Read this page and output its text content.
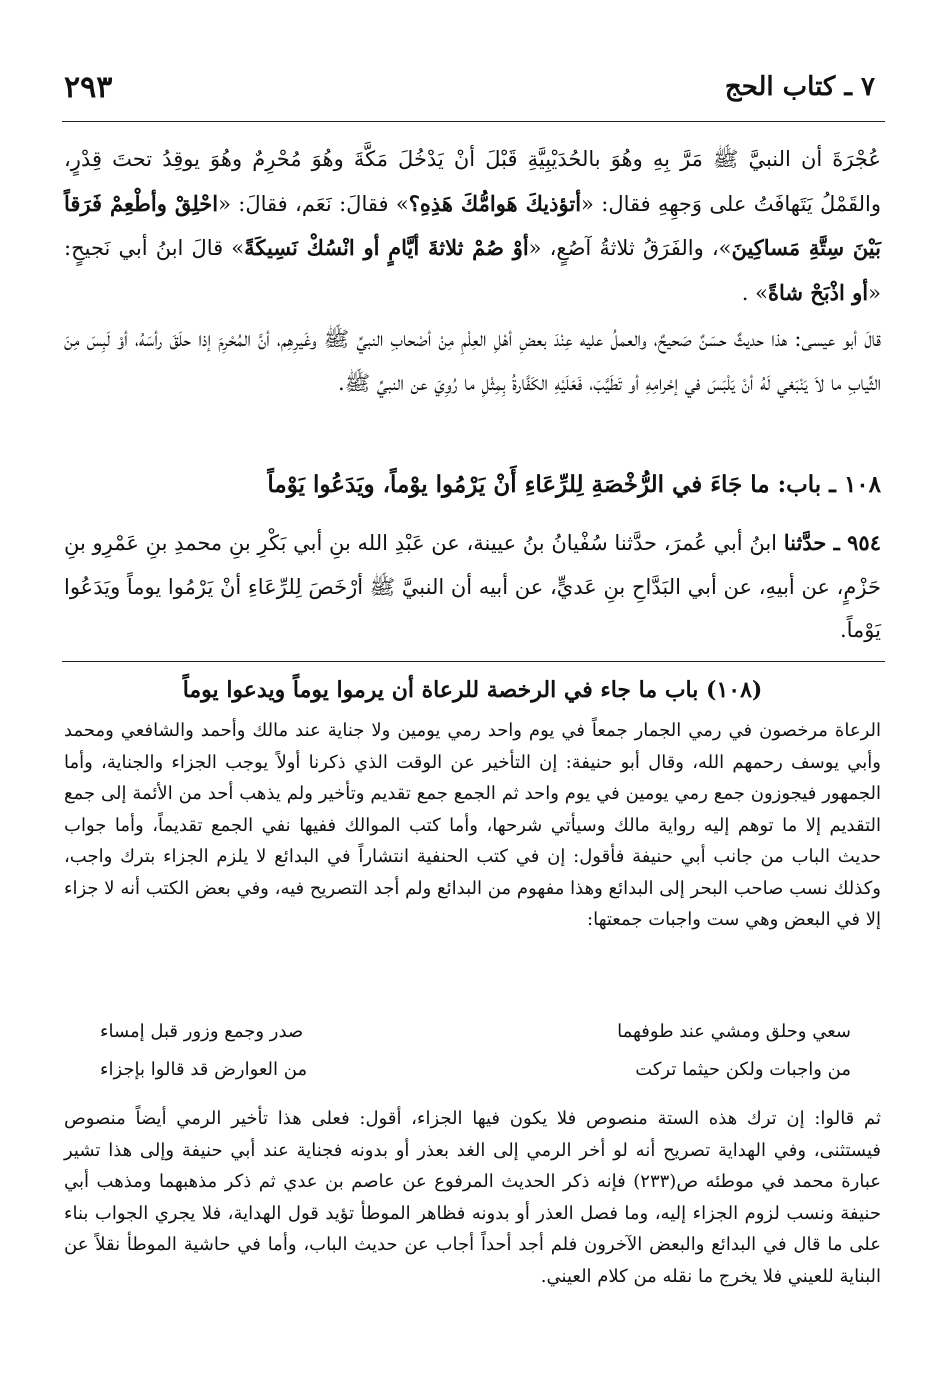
٢٩٣	٧ ـ كتاب الحج

عُجْرَةَ أن النبيَّ ﷺ مَرَّ بِهِ وهُوَ بالحُدَيْبِيَّةِ قَبْلَ أنْ يَدْخُلَ مَكَّةَ وهُوَ مُحْرِمٌ وهُوَ يوقِدُ تحتَ قِدْرٍ، والقَمْلُ يَتَهافَتُ على وَجهِهِ فقال: «أتؤذيكَ هَوامُّكَ هَذِهِ؟» فقالَ: نَعَم، فقالَ: «احْلِقْ وأطْعِمْ فَرَقاً بَيْنَ سِتَّةِ مَساكِينَ»، والفَرَقُ ثلاثةُ آصُعٍ، «أوْ صُمْ ثلاثةَ أيَّامٍ أو انْسُكْ نَسِيكَةً» قالَ ابنُ أبي نَجيحٍ: «أو اذْبَحْ شاةً» .

قالَ أبو عيسى: هذا حديثٌ حسَنٌ صَحيحٌ، والعملُ عليه عِنْدَ بعضِ أهْلِ العِلْمِ مِنْ أصْحابِ النبيِّ ﷺ وغَيرِهِم، أنَّ المُحْرِمَ إذا حلَقَ رأسَهُ، أوْ لَبِسَ مِنَ الثِّيابِ ما لاَ يَنْبَغي لَهُ أنْ يَلْبَسَ في إحْرامِهِ أو تَطَيَّبَ، فَعَلَيْهِ الكَفَّارةُ بِمِثْلِ ما رُوِيَ عن النبيِّ ﷺ.

١٠٨ ـ باب: ما جَاءَ في الرُّخْصَةِ لِلرِّعَاءِ أَنْ يَرْمُوا يوْماً، ويَدَعُوا يَوْماً

٩٥٤ ـ حدَّثنا ابنُ أبي عُمرَ، حدَّثنا سُفْيانُ بنُ عيينة، عن عَبْدِ الله بنِ أبي بَكْرِ بنِ محمدِ بنِ عَمْرِو بنِ حَزْمٍ، عن أبيهِ، عن أبي البَدَّاحِ بنِ عَديٍّ، عن أبيه أن النبيَّ ﷺ أرْخَصَ لِلرِّعَاءِ أنْ يَرْمُوا يوماً ويَدَعُوا يَوْماً.

(١٠٨) باب ما جاء في الرخصة للرعاة أن يرموا يوماً ويدعوا يوماً

الرعاة مرخصون في رمي الجمار جمعاً في يوم واحد رمي يومين ولا جناية عند مالك وأحمد والشافعي ومحمد وأبي يوسف رحمهم الله، وقال أبو حنيفة: إن التأخير عن الوقت الذي ذكرنا أولاً يوجب الجزاء والجناية، وأما الجمهور فيجوزون جمع رمي يومين في يوم واحد ثم الجمع جمع تقديم وتأخير ولم يذهب أحد من الأئمة إلى جمع التقديم إلا ما توهم إليه رواية مالك وسيأتي شرحها، وأما كتب الموالك ففيها نفي الجمع تقديماً، وأما جواب حديث الباب من جانب أبي حنيفة فأقول: إن في كتب الحنفية انتشاراً في البدائع لا يلزم الجزاء بترك واجب، وكذلك نسب صاحب البحر إلى البدائع وهذا مفهوم من البدائع ولم أجد التصريح فيه، وفي بعض الكتب أنه لا جزاء إلا في البعض وهي ست واجبات جمعتها:

سعي وحلق ومشي عند طوفهما
صدر وجمع وزور قبل إمساء
من واجبات ولكن حيثما تركت
من العوارض قد قالوا بإجزاء

ثم قالوا: إن ترك هذه الستة منصوص فلا يكون فيها الجزاء، أقول: فعلى هذا تأخير الرمي أيضاً منصوص فيستثنى، وفي الهداية تصريح أنه لو أخر الرمي إلى الغد بعذر أو بدونه فجناية عند أبي حنيفة وإلى هذا تشير عبارة محمد في موطئه ص(٢٣٣) فإنه ذكر الحديث المرفوع عن عاصم بن عدي ثم ذكر مذهبهما ومذهب أبي حنيفة ونسب لزوم الجزاء إليه، وما فصل العذر أو بدونه فظاهر الموطأ تؤيد قول الهداية، فلا يجري الجواب بناء على ما قال في البدائع والبعض الآخرون فلم أجد أحداً أجاب عن حديث الباب، وأما في حاشية الموطأ نقلاً عن البناية للعيني فلا يخرج ما نقله من كلام العيني.
